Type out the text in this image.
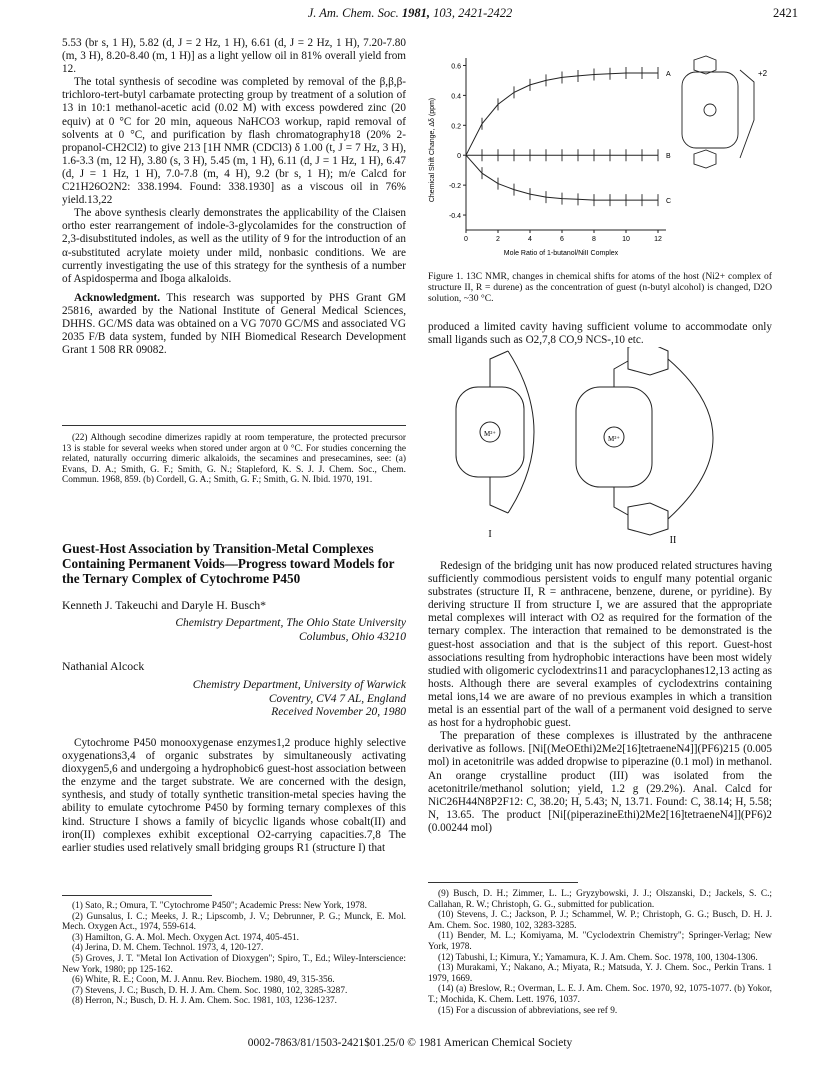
J. Am. Chem. Soc. 1981, 103, 2421-2422	2421

5.53 (br s, 1 H), 5.82 (d, J = 2 Hz, 1 H), 6.61 (d, J = 2 Hz, 1 H), 7.20-7.80 (m, 3 H), 8.20-8.40 (m, 1 H)] as a light yellow oil in 81% overall yield from 12.

The total synthesis of secodine was completed by removal of the β,β,β-trichloro-tert-butyl carbamate protecting group by treatment of a solution of 13 in 10:1 methanol-acetic acid (0.02 M) with excess powdered zinc (20 equiv) at 0 °C for 20 min, aqueous NaHCO3 workup, rapid removal of solvents at 0 °C, and purification by flash chromatography18 (20% 2-propanol-CH2Cl2) to give 213 [1H NMR (CDCl3) δ 1.00 (t, J = 7 Hz, 3 H), 1.6-3.3 (m, 12 H), 3.80 (s, 3 H), 5.45 (m, 1 H), 6.11 (d, J = 1 Hz, 1 H), 6.47 (d, J = 1 Hz, 1 H), 7.0-7.8 (m, 4 H), 9.2 (br s, 1 H); m/e Calcd for C21H26O2N2: 338.1994. Found: 338.1930] as a viscous oil in 76% yield.13,22

The above synthesis clearly demonstrates the applicability of the Claisen ortho ester rearrangement of indole-3-glycolamides for the construction of 2,3-disubstituted indoles, as well as the utility of 9 for the introduction of an α-substituted acrylate moiety under mild, nonbasic conditions. We are currently investigating the use of this strategy for the synthesis of a number of Aspidosperma and Iboga alkaloids.

Acknowledgment. This research was supported by PHS Grant GM 25816, awarded by the National Institute of General Medical Sciences, DHHS. GC/MS data was obtained on a VG 7070 GC/MS and associated VG 2035 F/B data system, funded by NIH Biomedical Research Development Grant 1 508 RR 09082.

(22) Although secodine dimerizes rapidly at room temperature, the protected precursor 13 is stable for several weeks when stored under argon at 0 °C. For studies concerning the related, naturally occurring dimeric alkaloids, the secamines and presecamines, see: (a) Evans, D. A.; Smith, G. F.; Smith, G. N.; Stapleford, K. S. J. J. Chem. Soc., Chem. Commun. 1968, 859. (b) Cordell, G. A.; Smith, G. F.; Smith, G. N. Ibid. 1970, 191.

Guest-Host Association by Transition-Metal Complexes Containing Permanent Voids—Progress toward Models for the Ternary Complex of Cytochrome P450
Kenneth J. Takeuchi and Daryle H. Busch*
Chemistry Department, The Ohio State University
Columbus, Ohio 43210
Nathanial Alcock
Chemistry Department, University of Warwick
Coventry, CV4 7 AL, England
Received November 20, 1980

Cytochrome P450 monooxygenase enzymes1,2 produce highly selective oxygenations3,4 of organic substrates by simultaneously activating dioxygen5,6 and undergoing a hydrophobic6 guest-host association between the enzyme and the target substrate. We are concerned with the design, synthesis, and study of totally synthetic transition-metal species having the ability to emulate cytochrome P450 by forming ternary complexes of this kind. Structure I shows a family of bicyclic ligands whose cobalt(II) and iron(II) complexes exhibit exceptional O2-carrying capacities.7,8 The earlier studies used relatively small bridging groups R1 (structure I) that

(1) Sato, R.; Omura, T. "Cytochrome P450"; Academic Press: New York, 1978.

(2) Gunsalus, I. C.; Meeks, J. R.; Lipscomb, J. V.; Debrunner, P. G.; Munck, E. Mol. Mech. Oxygen Act., 1974, 559-614.

(3) Hamilton, G. A. Mol. Mech. Oxygen Act. 1974, 405-451.

(4) Jerina, D. M. Chem. Technol. 1973, 4, 120-127.

(5) Groves, J. T. "Metal Ion Activation of Dioxygen"; Spiro, T., Ed.; Wiley-Interscience: New York, 1980; pp 125-162.

(6) White, R. E.; Coon, M. J. Annu. Rev. Biochem. 1980, 49, 315-356.

(7) Stevens, J. C.; Busch, D. H. J. Am. Chem. Soc. 1980, 102, 3285-3287.

(8) Herron, N.; Busch, D. H. J. Am. Chem. Soc. 1981, 103, 1236-1237.

Chemical Shift Change, Δδ (ppm)
Mole Ratio of 1-butanol/NiII Complex
0.6
0.4
0.2
0
-0.2
-0.4
0	2	4	6	8	10	12
A
B
C
+2
Figure 1. 13C NMR, changes in chemical shifts for atoms of the host (Ni2+ complex of structure II, R = durene) as the concentration of guest (n-butyl alcohol) is changed, D2O solution, ~30 °C.

produced a limited cavity having sufficient volume to accommodate only small ligands such as O2,7,8 CO,9 NCS-,10 etc.

M²⁺
I
M²⁺
II

Redesign of the bridging unit has now produced related structures having sufficiently commodious persistent voids to engulf many potential organic substrates (structure II, R = anthracene, benzene, durene, or pyridine). By deriving structure II from structure I, we are assured that the appropriate metal complexes will interact with O2 as required for the formation of the ternary complex. The interaction that remained to be demonstrated is the guest-host association and that is the subject of this report. Guest-host associations resulting from hydrophobic interactions have been most widely studied with oligomeric cyclodextrins11 and paracyclophanes12,13 acting as hosts. Although there are several examples of cyclodextrins containing metal ions,14 we are aware of no previous examples in which a transition metal is an essential part of the wall of a permanent void designed to serve as host for a hydrophobic guest.

The preparation of these complexes is illustrated by the anthracene derivative as follows. [Ni[(MeOEthi)2Me2[16]tetraeneN4]](PF6)215 (0.005 mol) in acetonitrile was added dropwise to piperazine (0.1 mol) in methanol. An orange crystalline product (III) was isolated from the acetonitrile/methanol solution; yield, 1.2 g (29.2%). Anal. Calcd for NiC26H44N8P2F12: C, 38.20; H, 5.43; N, 13.71. Found: C, 38.14; H, 5.58; N, 13.65. The product [Ni[(piperazineEthi)2Me2[16]tetraeneN4]](PF6)2 (0.00244 mol)

(9) Busch, D. H.; Zimmer, L. L.; Gryzybowski, J. J.; Olszanski, D.; Jackels, S. C.; Callahan, R. W.; Christoph, G. G., submitted for publication.

(10) Stevens, J. C.; Jackson, P. J.; Schammel, W. P.; Christoph, G. G.; Busch, D. H. J. Am. Chem. Soc. 1980, 102, 3283-3285.

(11) Bender, M. L.; Komiyama, M. "Cyclodextrin Chemistry"; Springer-Verlag; New York, 1978.

(12) Tabushi, I.; Kimura, Y.; Yamamura, K. J. Am. Chem. Soc. 1978, 100, 1304-1306.

(13) Murakami, Y.; Nakano, A.; Miyata, R.; Matsuda, Y. J. Chem. Soc., Perkin Trans. 1 1979, 1669.

(14) (a) Breslow, R.; Overman, L. E. J. Am. Chem. Soc. 1970, 92, 1075-1077. (b) Yokor, T.; Mochida, K. Chem. Lett. 1976, 1037.

(15) For a discussion of abbreviations, see ref 9.

0002-7863/81/1503-2421$01.25/0 © 1981 American Chemical Society
